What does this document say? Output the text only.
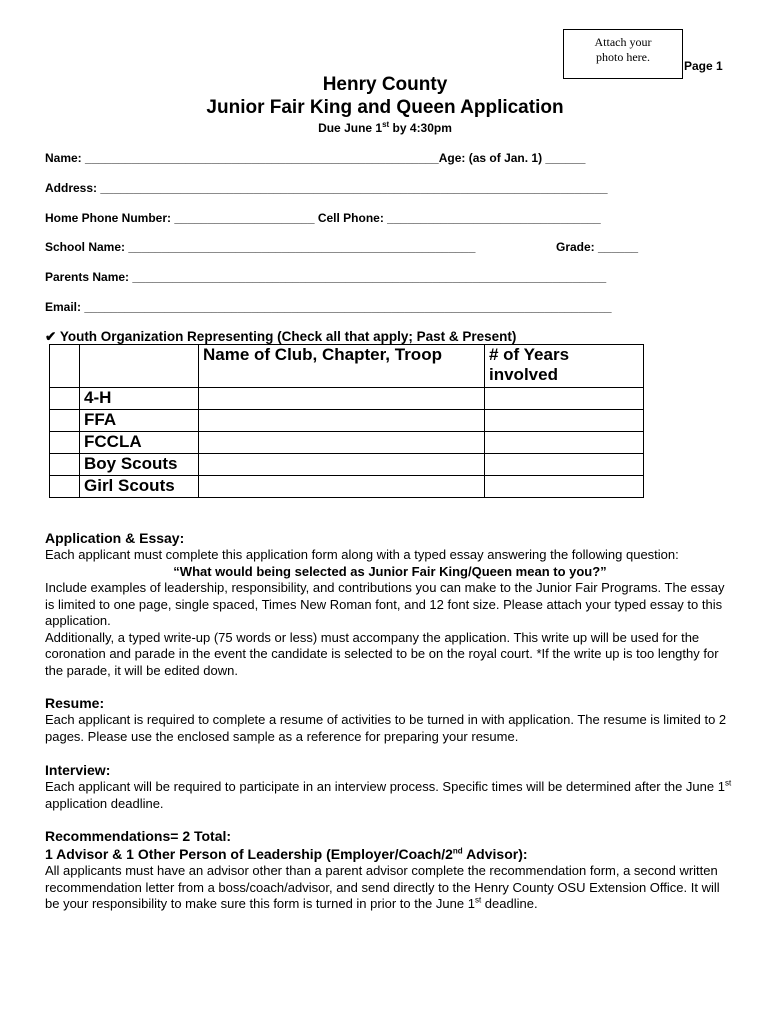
Attach your
photo here.
Page 1
Henry County
Junior Fair King and Queen Application
Due June 1st by 4:30pm
Name: _____________________________________________________Age: (as of Jan. 1) ______
Address: ____________________________________________________________________________
Home Phone Number: _____________________ Cell Phone: ________________________________
School Name: ____________________________________________________	Grade: ______
Parents Name: _______________________________________________________________________
Email: _______________________________________________________________________________
✔ Youth Organization Representing (Check all that apply; Past & Present)
		Name of Club, Chapter, Troop	# of Years involved
	4-H		
	FFA		
	FCCLA		
	Boy Scouts		
	Girl Scouts		
Application & Essay:
Each applicant must complete this application form along with a typed essay answering the following question:
“What would being selected as Junior Fair King/Queen mean to you?”
Include examples of leadership, responsibility, and contributions you can make to the Junior Fair Programs. The essay is limited to one page, single spaced, Times New Roman font, and 12 font size. Please attach your typed essay to this application.
Additionally, a typed write-up (75 words or less) must accompany the application. This write up will be used for the coronation and parade in the event the candidate is selected to be on the royal court. *If the write up is too lengthy for the parade, it will be edited down.
Resume:
Each applicant is required to complete a resume of activities to be turned in with application. The resume is limited to 2 pages. Please use the enclosed sample as a reference for preparing your resume.
Interview:
Each applicant will be required to participate in an interview process. Specific times will be determined after the June 1st application deadline.
Recommendations= 2 Total:
1 Advisor & 1 Other Person of Leadership (Employer/Coach/2nd Advisor):
All applicants must have an advisor other than a parent advisor complete the recommendation form, a second written recommendation letter from a boss/coach/advisor, and send directly to the Henry County OSU Extension Office. It will be your responsibility to make sure this form is turned in prior to the June 1st deadline.
